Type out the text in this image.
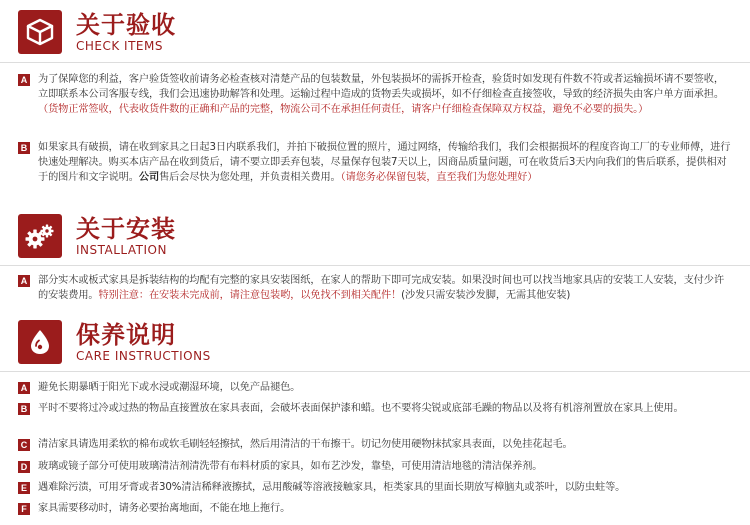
关于验收
CHECK ITEMS
A 为了保障您的利益，客户验货签收前请务必检查核对清楚产品的包装数量，外包装损坏的需拆开检查，验货时如发现有件数不符或者运输损坏请不要签收，立即联系本公司客服专线，我们会迅速协助解答和处理。运输过程中造成的货物丢失或损坏，如不仔细检查直接签收，导致的经济损失由客户单方面承担。（货物正常签收，代表收货件数的正确和产品的完整，物流公司不在承担任何责任，请客户仔细检查保障双方权益，避免不必要的损失。）
B 如果家具有破损，请在收到家具之日起3日内联系我们，并拍下破损位置的照片，通过网络，传输给我们，我们会根据损坏的程度咨询工厂的专业师傅，进行快速处理解决。购买本店产品在收到货后，请不要立即丢弃包装，尽量保存包装7天以上，因商品质量问题，可在收货后3天内向我们的售后联系，提供相对于的图片和文字说明。公司售后会尽快为您处理，并负责相关费用。（请您务必保留包装，直至我们为您处理好）
关于安装
INSTALLATION
A 部分实木或板式家具是拆装结构的均配有完整的家具安装图纸，在家人的帮助下即可完成安装。如果没时间也可以找当地家具店的安装工人安装，支付少许的安装费用。特别注意：在安装未完成前，请注意包装哟，以免找不到相关配件！(沙发只需安装沙发脚，无需其他安装)
保养说明
CARE INSTRUCTIONS
A 避免长期暴晒于阳光下或水浸或潮湿环境，以免产品褪色。
B 平时不要将过冷或过热的物品直接置放在家具表面，会破坏表面保护漆和蜡。也不要将尖锐或底部毛躁的物品以及将有机溶剂置放在家具上使用。
C 清洁家具请选用柔软的棉布或软毛刷轻轻擦拭，然后用清洁的干布擦干。切记勿使用硬物抹拭家具表面，以免挂花起毛。
D 玻璃或镜子部分可使用玻璃清洁剂清洗带有布料材质的家具，如布艺沙发，靠垫，可使用清洁地毯的清洁保养剂。
E 遇难除污渍，可用牙膏或者30%清洁稀释液擦拭，忌用酸碱等溶液接触家具，柜类家具的里面长期放写樟脑丸或茶叶，以防虫蛀等。
F	家具需要移动时，请务必要抬离地面，不能在地上拖行。
